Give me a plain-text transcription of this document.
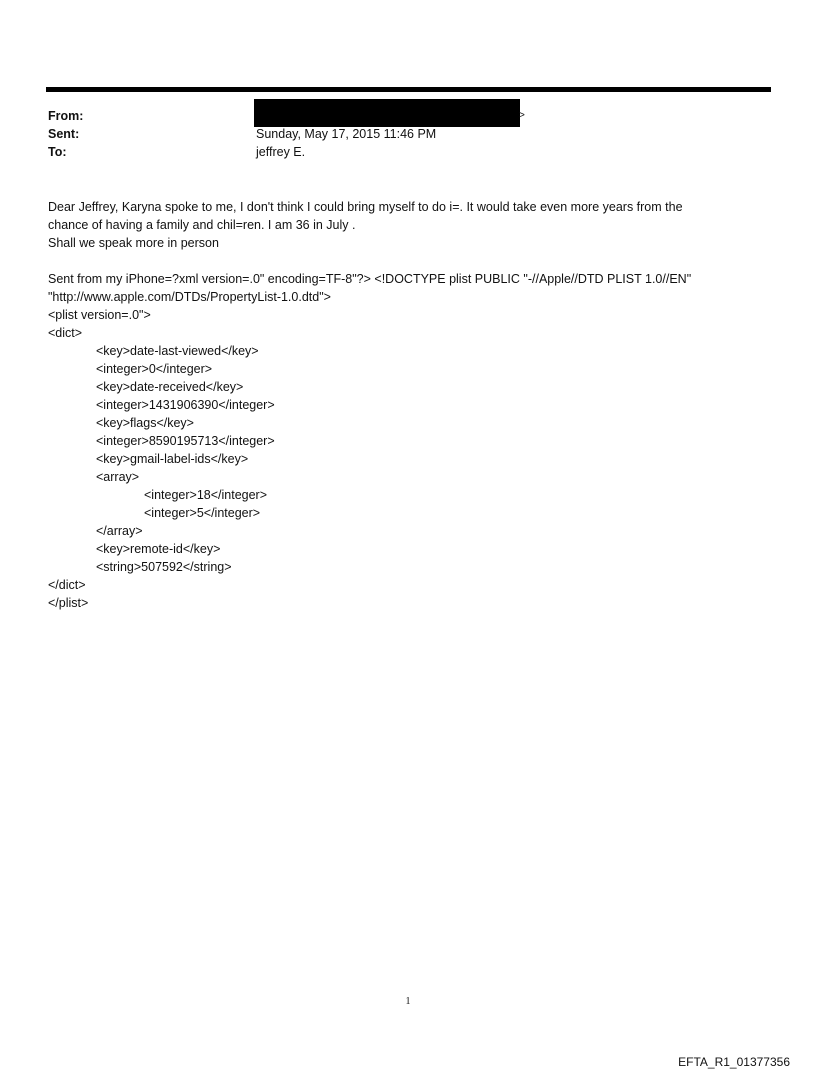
From:	>
Sent:	Sunday, May 17, 2015 11:46 PM
To:	jeffrey E.

Dear Jeffrey, Karyna spoke to me, I don't think I could bring myself to do i=. It would take even more years from the

chance of having a family and chil=ren. I am 36 in July .

Shall we speak more in person

Sent from my iPhone=?xml version=.0" encoding=TF-8"?> <!DOCTYPE plist PUBLIC "-//Apple//DTD PLIST 1.0//EN"

"http://www.apple.com/DTDs/PropertyList-1.0.dtd">

<plist version=.0">

<dict>

<key>date-last-viewed</key>

<integer>0</integer>

<key>date-received</key>

<integer>1431906390</integer>

<key>flags</key>

<integer>8590195713</integer>

<key>gmail-label-ids</key>

<array>

<integer>18</integer>

<integer>5</integer>

</array>

<key>remote-id</key>

<string>507592</string>

</dict>

</plist>

1
EFTA_R1_01377356
